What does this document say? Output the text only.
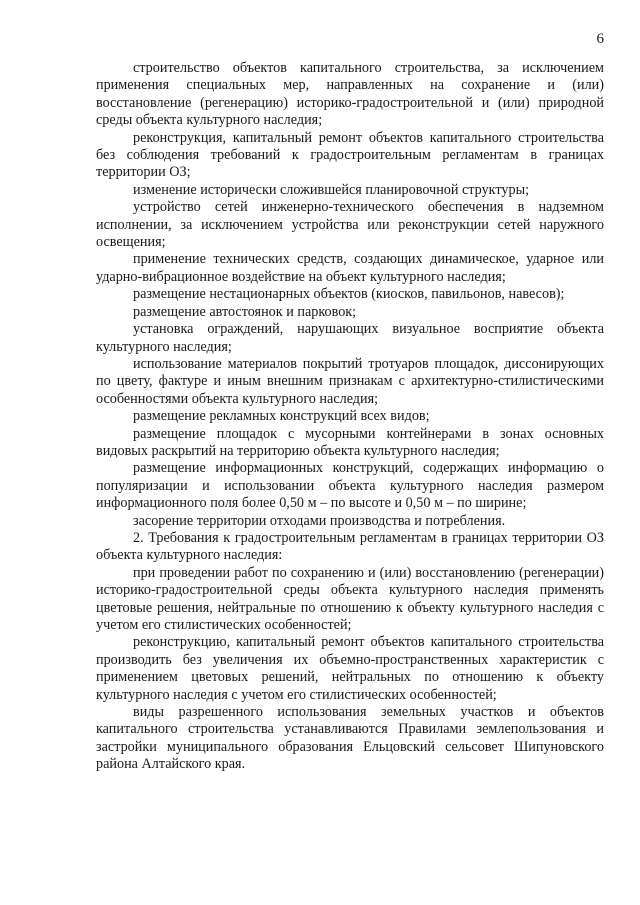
6

строительство объектов капитального строительства, за исключением применения специальных мер, направленных на сохранение и (или) восстановление (регенерацию) историко-градостроительной и (или) природной среды объекта культурного наследия;

реконструкция, капитальный ремонт объектов капитального строительства без соблюдения требований к градостроительным регламентам в границах территории ОЗ;

изменение исторически сложившейся планировочной структуры;

устройство сетей инженерно-технического обеспечения в надземном исполнении, за исключением устройства или реконструкции сетей наружного освещения;

применение технических средств, создающих динамическое, ударное или ударно-вибрационное воздействие на объект культурного наследия;

размещение нестационарных объектов (киосков, павильонов, навесов);

размещение автостоянок и парковок;

установка ограждений, нарушающих визуальное восприятие объекта культурного наследия;

использование материалов покрытий тротуаров площадок, диссонирующих по цвету, фактуре и иным внешним признакам с архитектурно-стилистическими особенностями объекта культурного наследия;

размещение рекламных конструкций всех видов;

размещение площадок с мусорными контейнерами в зонах основных видовых раскрытий на территорию объекта культурного наследия;

размещение информационных конструкций, содержащих информацию о популяризации и использовании объекта культурного наследия размером информационного поля более 0,50 м – по высоте и 0,50 м – по ширине;

засорение территории отходами производства и потребления.

2. Требования к градостроительным регламентам в границах территории ОЗ объекта культурного наследия:

при проведении работ по сохранению и (или) восстановлению (регенерации) историко-градостроительной среды объекта культурного наследия применять цветовые решения, нейтральные по отношению к объекту культурного наследия с учетом его стилистических особенностей;

реконструкцию, капитальный ремонт объектов капитального строительства производить без увеличения их объемно-пространственных характеристик с применением цветовых решений, нейтральных по отношению к объекту культурного наследия с учетом его стилистических особенностей;

виды разрешенного использования земельных участков и объектов капитального строительства устанавливаются Правилами землепользования и застройки муниципального образования Ельцовский сельсовет Шипуновского района Алтайского края.
